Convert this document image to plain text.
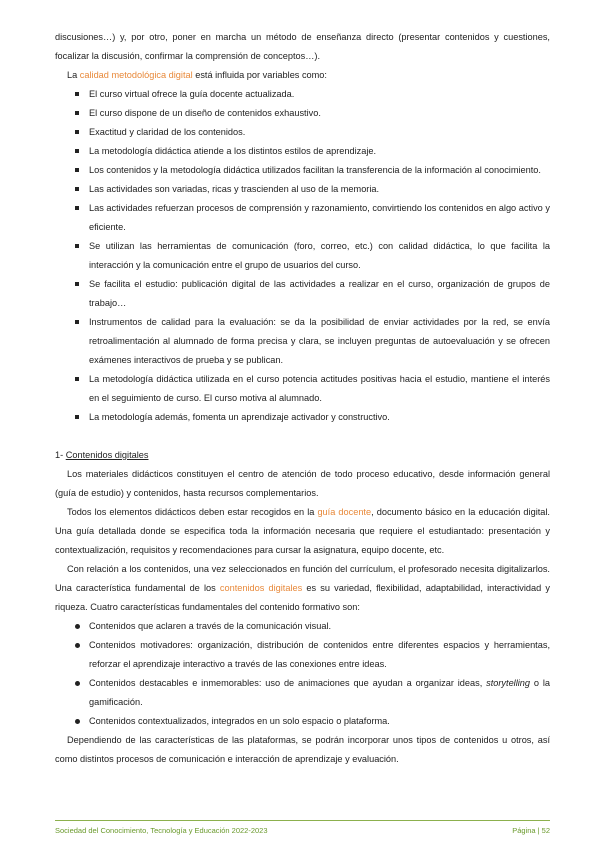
discusiones…) y, por otro, poner en marcha un método de enseñanza directo (presentar contenidos y cuestiones, focalizar la discusión, confirmar la comprensión de conceptos…).

La calidad metodológica digital está influida por variables como:

El curso virtual ofrece la guía docente actualizada.
El curso dispone de un diseño de contenidos exhaustivo.
Exactitud y claridad de los contenidos.
La metodología didáctica atiende a los distintos estilos de aprendizaje.
Los contenidos y la metodología didáctica utilizados facilitan la transferencia de la información al conocimiento.
Las actividades son variadas, ricas y trascienden al uso de la memoria.
Las actividades refuerzan procesos de comprensión y razonamiento, convirtiendo los contenidos en algo activo y eficiente.
Se utilizan las herramientas de comunicación (foro, correo, etc.) con calidad didáctica, lo que facilita la interacción y la comunicación entre el grupo de usuarios del curso.
Se facilita el estudio: publicación digital de las actividades a realizar en el curso, organización de grupos de trabajo…
Instrumentos de calidad para la evaluación: se da la posibilidad de enviar actividades por la red, se envía retroalimentación al alumnado de forma precisa y clara, se incluyen preguntas de autoevaluación y se ofrecen exámenes interactivos de prueba y se publican.
La metodología didáctica utilizada en el curso potencia actitudes positivas hacia el estudio, mantiene el interés en el seguimiento de curso. El curso motiva al alumnado.
La metodología además, fomenta un aprendizaje activador y constructivo.

1- Contenidos digitales

Los materiales didácticos constituyen el centro de atención de todo proceso educativo, desde información general (guía de estudio) y contenidos, hasta recursos complementarios.

Todos los elementos didácticos deben estar recogidos en la guía docente, documento básico en la educación digital. Una guía detallada donde se especifica toda la información necesaria que requiere el estudiantado: presentación y contextualización, requisitos y recomendaciones para cursar la asignatura, equipo docente, etc.

Con relación a los contenidos, una vez seleccionados en función del currículum, el profesorado necesita digitalizarlos. Una característica fundamental de los contenidos digitales es su variedad, flexibilidad, adaptabilidad, interactividad y riqueza. Cuatro características fundamentales del contenido formativo son:

Contenidos que aclaren a través de la comunicación visual.
Contenidos motivadores: organización, distribución de contenidos entre diferentes espacios y herramientas, reforzar el aprendizaje interactivo a través de las conexiones entre ideas.
Contenidos destacables e inmemorables: uso de animaciones que ayudan a organizar ideas, storytelling o la gamificación.
Contenidos contextualizados, integrados en un solo espacio o plataforma.

Dependiendo de las características de las plataformas, se podrán incorporar unos tipos de contenidos u otros, así como distintos procesos de comunicación e interacción de aprendizaje y evaluación.

Sociedad del Conocimiento, Tecnología y Educación 2022-2023	Página | 52
